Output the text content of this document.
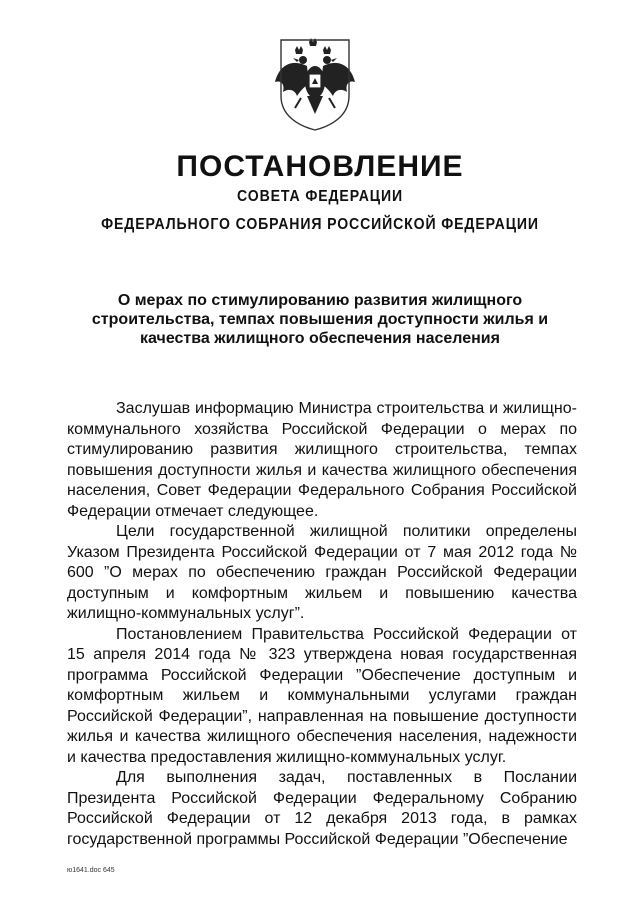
ПОСТАНОВЛЕНИЕ
СОВЕТА ФЕДЕРАЦИИ
ФЕДЕРАЛЬНОГО СОБРАНИЯ РОССИЙСКОЙ ФЕДЕРАЦИИ
О мерах по стимулированию развития жилищного
строительства, темпах повышения доступности жилья и
качества жилищного обеспечения населения

Заслушав информацию Министра строительства и жилищно-коммунального хозяйства Российской Федерации о мерах по стимулированию развития жилищного строительства, темпах повышения доступности жилья и качества жилищного обеспечения населения, Совет Федерации Федерального Собрания Российской Федерации отмечает следующее.

Цели государственной жилищной политики определены Указом Президента Российской Федерации от 7 мая 2012 года № 600 ”О мерах по обеспечению граждан Российской Федерации доступным и комфортным жильем и повышению качества жилищно-коммунальных услуг”.

Постановлением Правительства Российской Федерации от 15 апреля 2014 года № 323 утверждена новая государственная программа Российской Федерации ”Обеспечение доступным и комфортным жильем и коммунальными услугами граждан Российской Федерации”, направленная на повышение доступности жилья и качества жилищного обеспечения населения, надежности и качества предоставления жилищно-коммунальных услуг.

Для выполнения задач, поставленных в Послании Президента Российской Федерации Федеральному Собранию Российской Федерации от 12 декабря 2013 года, в рамках государственной программы Российской Федерации ”Обеспечение

ю1641.doc 645
